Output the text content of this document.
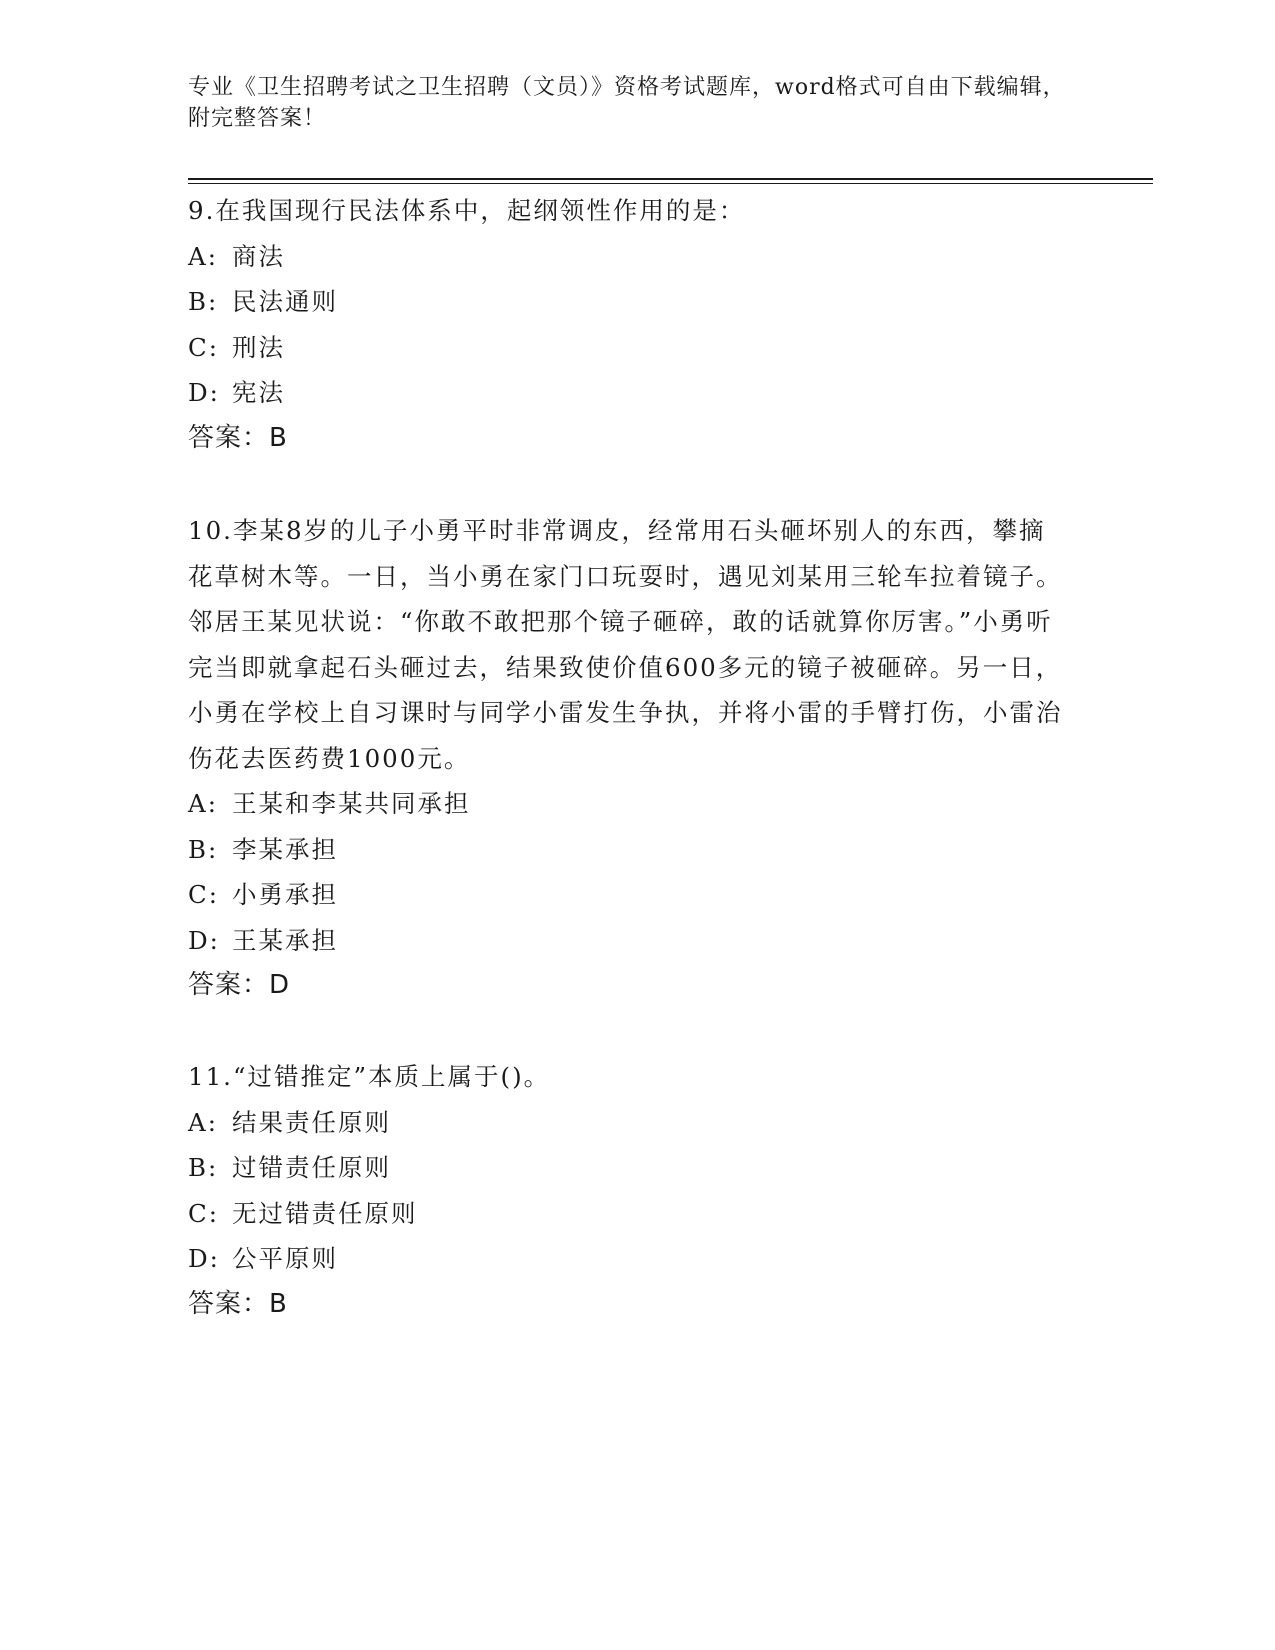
专业《卫生招聘考试之卫生招聘（文员）》资格考试题库，word格式可自由下载编辑，附完整答案！

9.在我国现行民法体系中，起纲领性作用的是：

A: 商法

B: 民法通则

C: 刑法

D: 宪法

答案：B

10.李某8岁的儿子小勇平时非常调皮，经常用石头砸坏别人的东西，攀摘花草树木等。一日，当小勇在家门口玩耍时，遇见刘某用三轮车拉着镜子。邻居王某见状说：“你敢不敢把那个镜子砸碎，敢的话就算你厉害。”小勇听完当即就拿起石头砸过去，结果致使价值600多元的镜子被砸碎。另一日，小勇在学校上自习课时与同学小雷发生争执，并将小雷的手臂打伤，小雷治伤花去医药费1000元。

A: 王某和李某共同承担

B: 李某承担

C: 小勇承担

D: 王某承担

答案：D

11.“过错推定”本质上属于()。

A: 结果责任原则

B: 过错责任原则

C: 无过错责任原则

D: 公平原则

答案：B
